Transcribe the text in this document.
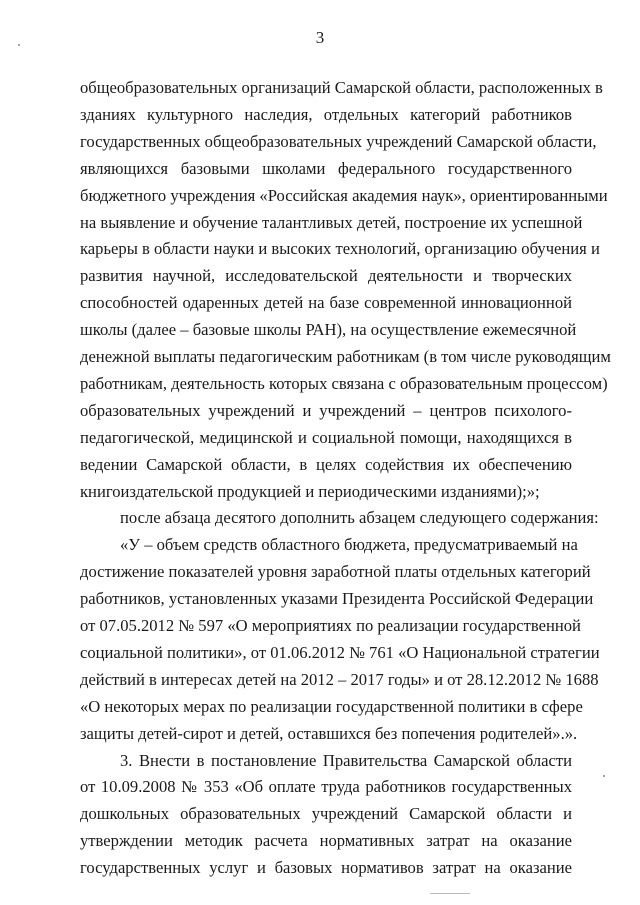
3
общеобразовательных организаций Самарской области, расположенных в
зданиях культурного наследия, отдельных категорий работников
государственных общеобразовательных учреждений Самарской области,
являющихся базовыми школами федерального государственного
бюджетного учреждения «Российская академия наук», ориентированными
на выявление и обучение талантливых детей, построение их успешной
карьеры в области науки и высоких технологий, организацию обучения и
развития научной, исследовательской деятельности и творческих
способностей одаренных детей на базе современной инновационной
школы (далее – базовые школы РАН), на осуществление ежемесячной
денежной выплаты педагогическим работникам (в том числе руководящим
работникам, деятельность которых связана с образовательным процессом)
образовательных учреждений и учреждений – центров психолого-
педагогической, медицинской и социальной помощи, находящихся в
ведении Самарской области, в целях содействия их обеспечению
книгоиздательской продукцией и периодическими изданиями);»;
после абзаца десятого дополнить абзацем следующего содержания:
«У – объем средств областного бюджета, предусматриваемый на
достижение показателей уровня заработной платы отдельных категорий
работников, установленных указами Президента Российской Федерации
от 07.05.2012 № 597 «О мероприятиях по реализации государственной
социальной политики», от 01.06.2012 № 761 «О Национальной стратегии
действий в интересах детей на 2012 – 2017 годы» и от 28.12.2012 № 1688
«О некоторых мерах по реализации государственной политики в сфере
защиты детей-сирот и детей, оставшихся без попечения родителей».».
3. Внести в постановление Правительства Самарской области
от 10.09.2008 № 353 «Об оплате труда работников государственных
дошкольных образовательных учреждений Самарской области и
утверждении методик расчета нормативных затрат на оказание
государственных услуг и базовых нормативов затрат на оказание
